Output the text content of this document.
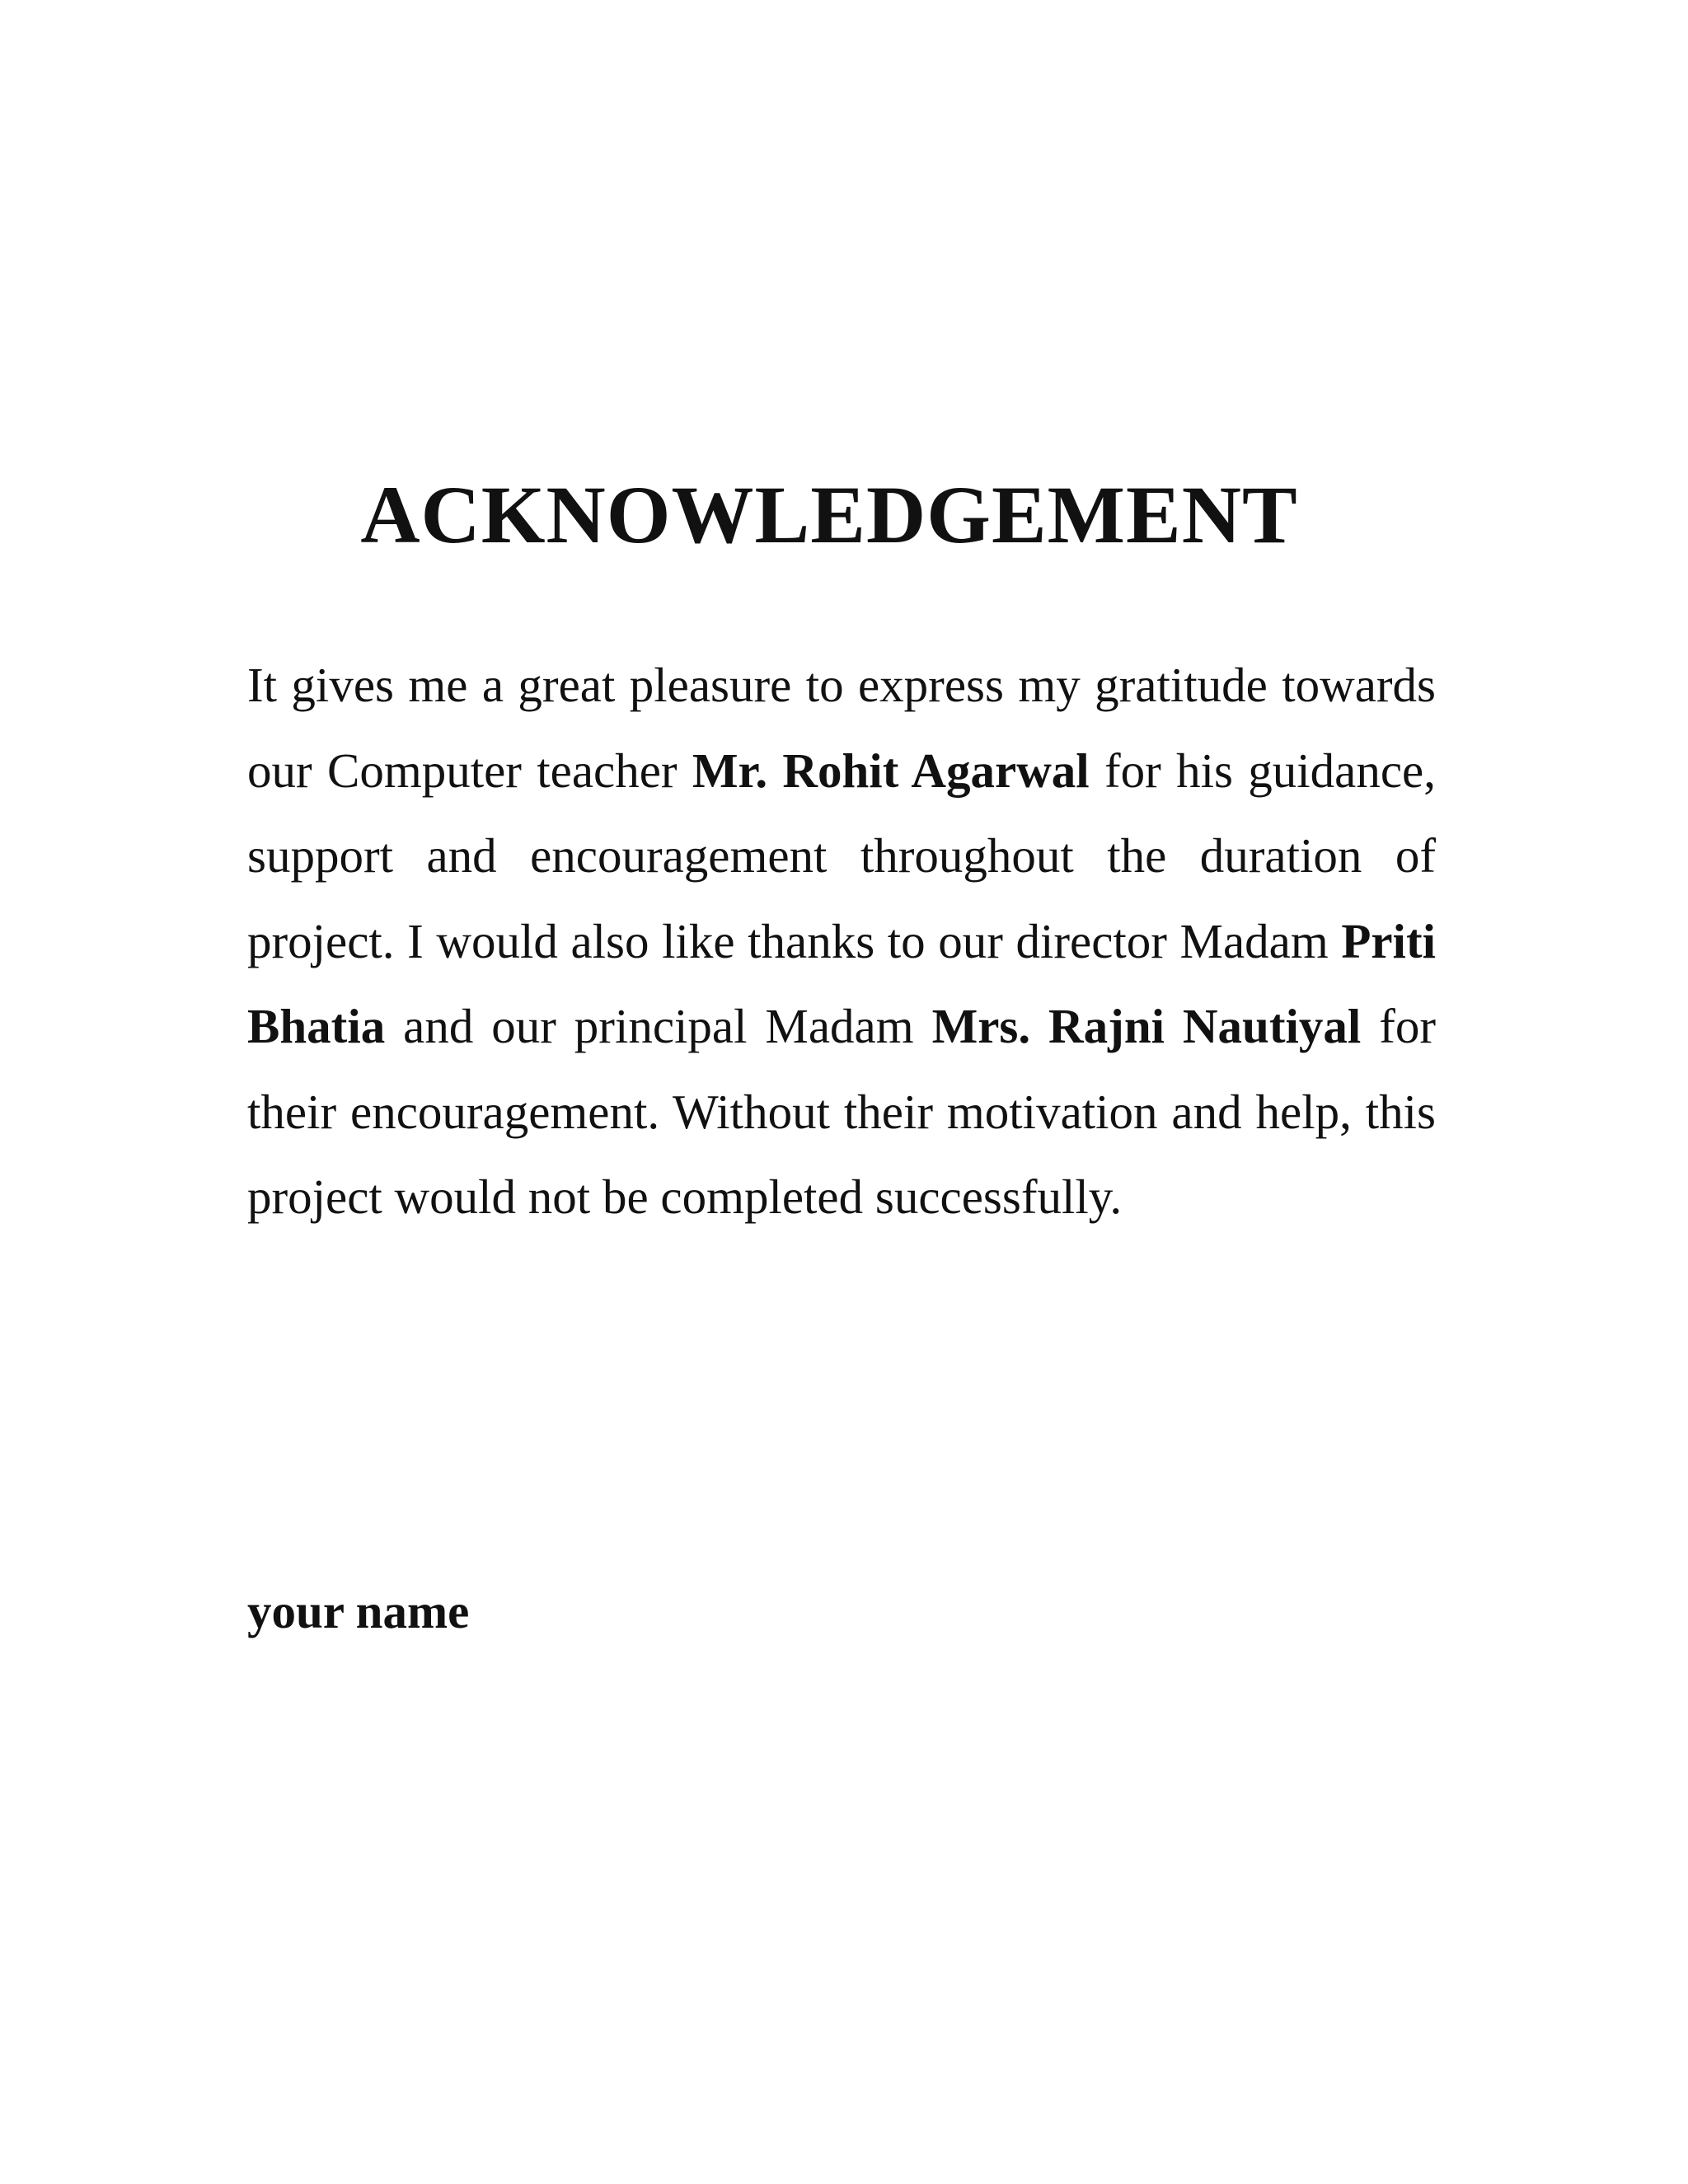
ACKNOWLEDGEMENT

It gives me a great pleasure to express my gratitude towards our Computer teacher Mr. Rohit Agarwal for his guidance, support and encouragement throughout the duration of project. I would also like thanks to our director Madam Priti Bhatia and our principal Madam Mrs. Rajni Nautiyal for their encouragement. Without their motivation and help, this project would not be completed successfully.

your name
